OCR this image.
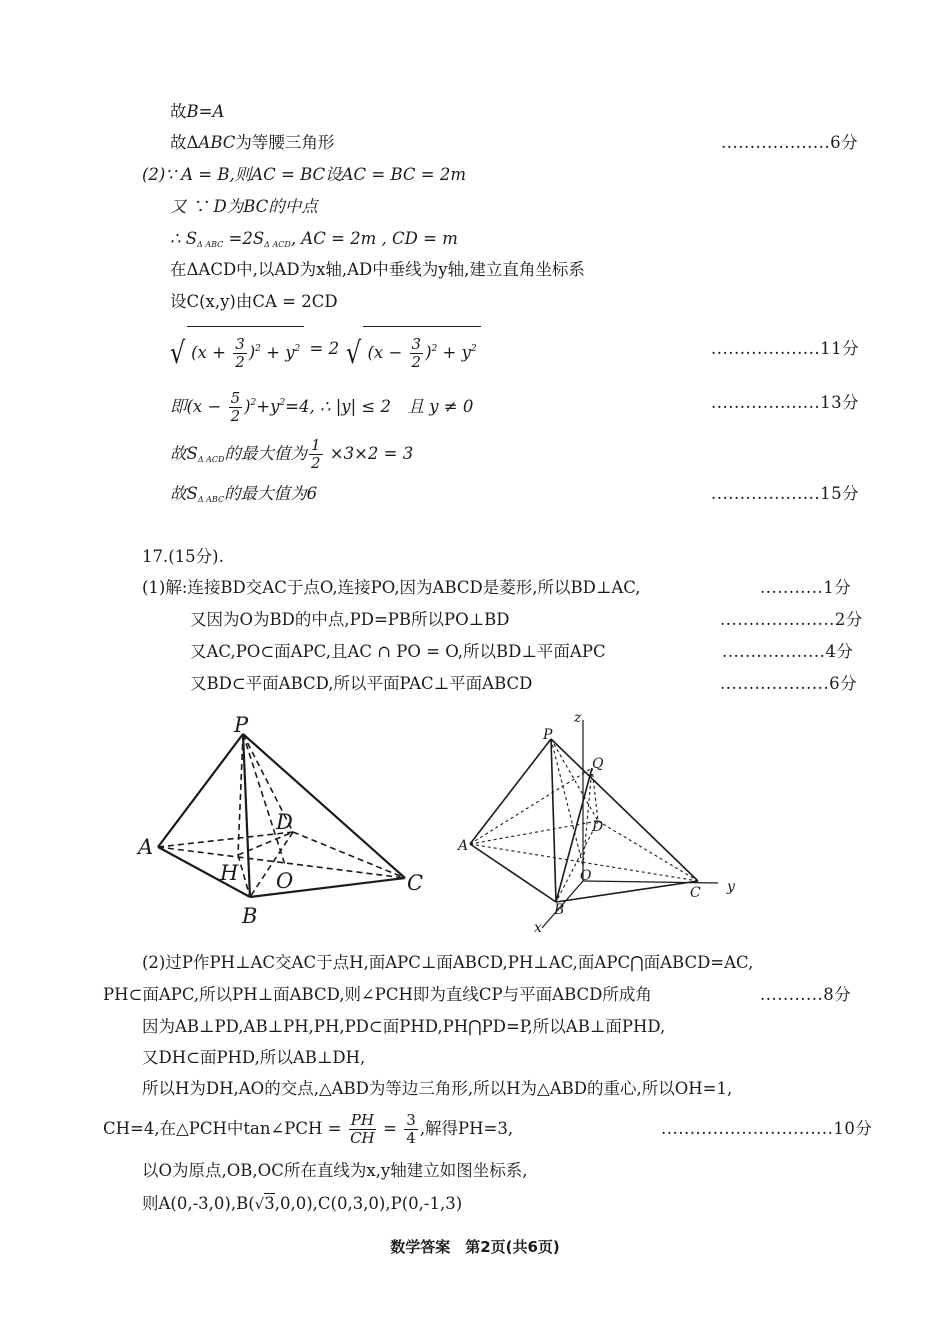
故B=A
故ΔABC为等腰三角形	...................6分
(2)∵ A = B,则AC = BC设AC = BC = 2m
又 ∵ D为BC的中点
∴ $S_{\Delta ABC} =2S_{\Delta ACD}$, AC = 2m , CD = m
在ΔACD中,以AD为x轴,AD中垂线为y轴,建立直角坐标系
设C(x,y)由CA = 2CD
√ $(x + \frac{3}{2} )^2 + y^2 = 2$ √ $(x - \frac{3}{2} )^2 + y^2$	...................11分
即$(x - \frac{5}{2} )^2+y^2=4$, ∴ |y| ≤ 2　且 y ≠ 0	...................13分
故$S_{\Delta ACD}$的最大值为 $\frac{1}{2} \times 3\times 2 = 3$
故$S_{\Delta ABC}$的最大值为6	...................15分
17.(15分).
(1)解:连接BD交AC于点O,连接PO,因为ABCD是菱形,所以BD⊥AC,	...........1分
又因为O为BD的中点,PD=PB所以PO⊥BD	....................2分
又AC,PO⊂面APC,且AC ∩ PO = O,所以BD⊥平面APC	..................4分
又BD⊂平面ABCD,所以平面PAC⊥平面ABCD	...................6分
P
A
D
H O	C
B
z
P
Q
D
A
O
B
C
x
y
(2)过P作PH⊥AC交AC于点H,面APC⊥面ABCD,PH⊥AC,面APC⋂面ABCD=AC,
PH⊂面APC,所以PH⊥面ABCD,则∠PCH即为直线CP与平面ABCD所成角	...........8分
因为AB⊥PD,AB⊥PH,PH,PD⊂面PHD,PH⋂PD=P,所以AB⊥面PHD,
又DH⊂面PHD,所以AB⊥DH,
所以H为DH,AO的交点,△ABD为等边三角形,所以H为△ABD的重心,所以OH=1,
CH=4,在△PCH中tan∠PCH = $\frac{PH}{CH} = \frac{3}{4}$ ,解得PH=3,	..............................10分
以O为原点,OB,OC所在直线为x,y轴建立如图坐标系,
则A(0,-3,0),B(√3,0,0),C(0,3,0),P(0,-1,3)
数学答案　第2页(共6页)
